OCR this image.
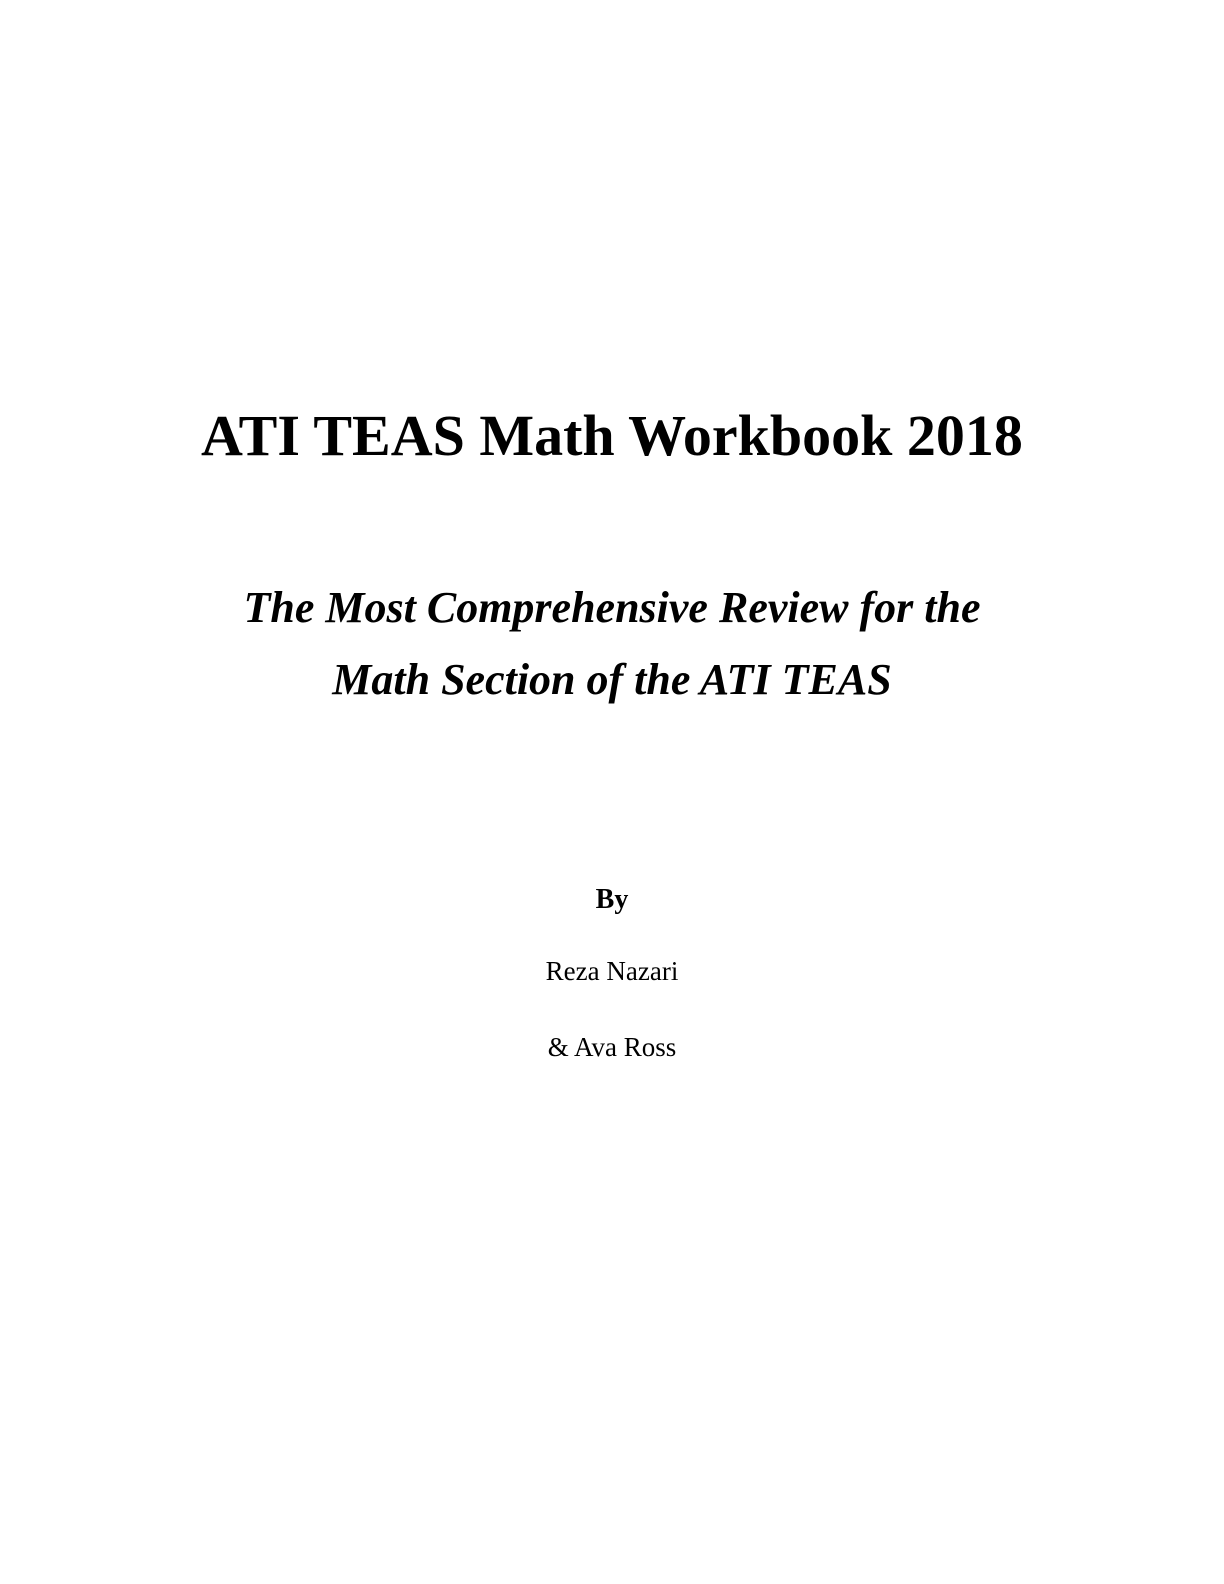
ATI TEAS Math Workbook 2018
The Most Comprehensive Review for the
Math Section of the ATI TEAS

By

Reza Nazari

& Ava Ross
